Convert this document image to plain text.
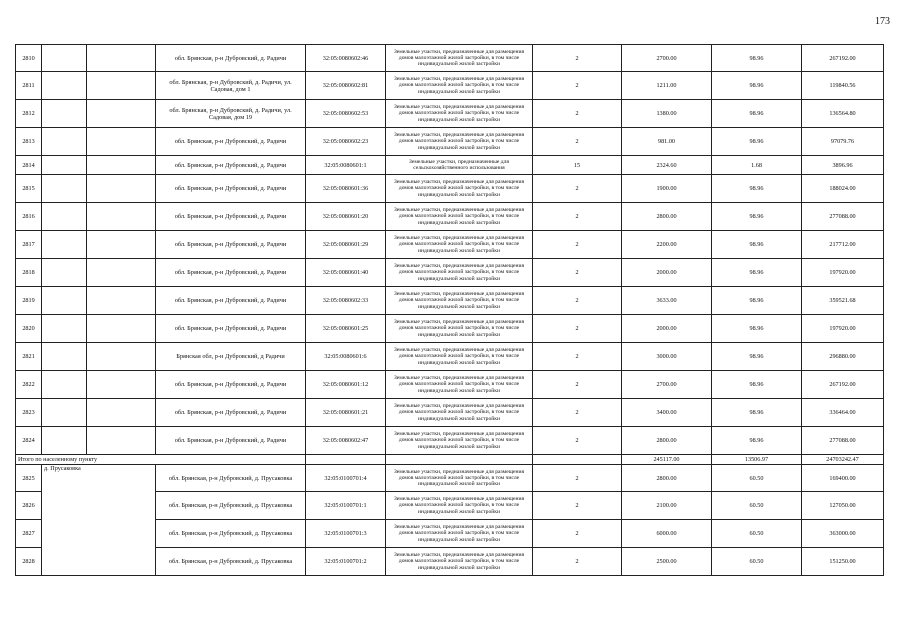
173
2810			обл. Брянская, р-н Дубровский, д. Радичи	32:05:0080602:46	Земельные участки, предназначенные для размещения домов малоэтажной жилой застройки, в том числе индивидуальной жилой застройки	2	2700.00	98.96	267192.00
2811			обл. Брянская, р-н Дубровский, д. Радичи, ул. Садовая, дом 1	32:05:0080602:81	Земельные участки, предназначенные для размещения домов малоэтажной жилой застройки, в том числе индивидуальной жилой застройки	2	1211.00	98.96	119840.56
2812			обл. Брянская, р-н Дубровский, д. Радичи, ул. Садовая, дом 19	32:05:0080602:53	Земельные участки, предназначенные для размещения домов малоэтажной жилой застройки, в том числе индивидуальной жилой застройки	2	1380.00	98.96	136564.80
2813			обл. Брянская, р-н Дубровский, д. Радичи	32:05:0080602:23	Земельные участки, предназначенные для размещения домов малоэтажной жилой застройки, в том числе индивидуальной жилой застройки	2	981.00	98.96	97079.76
2814			обл. Брянская, р-н Дубровский, д. Радичи	32:05:0080601:1	Земельные участки, предназначенные для сельскохозяйственного использования	15	2324.60	1.68	3896.96
2815			обл. Брянская, р-н Дубровский, д. Радичи	32:05:0080601:36	Земельные участки, предназначенные для размещения домов малоэтажной жилой застройки, в том числе индивидуальной жилой застройки	2	1900.00	98.96	188024.00
2816			обл. Брянская, р-н Дубровский, д. Радичи	32:05:0080601:20	Земельные участки, предназначенные для размещения домов малоэтажной жилой застройки, в том числе индивидуальной жилой застройки	2	2800.00	98.96	277088.00
2817			обл. Брянская, р-н Дубровский, д. Радичи	32:05:0080601:29	Земельные участки, предназначенные для размещения домов малоэтажной жилой застройки, в том числе индивидуальной жилой застройки	2	2200.00	98.96	217712.00
2818			обл. Брянская, р-н Дубровский, д. Радичи	32:05:0080601:40	Земельные участки, предназначенные для размещения домов малоэтажной жилой застройки, в том числе индивидуальной жилой застройки	2	2000.00	98.96	197920.00
2819			обл. Брянская, р-н Дубровский, д. Радичи	32:05:0080602:33	Земельные участки, предназначенные для размещения домов малоэтажной жилой застройки, в том числе индивидуальной жилой застройки	2	3633.00	98.96	359521.68
2820			обл. Брянская, р-н Дубровский, д. Радичи	32:05:0080601:25	Земельные участки, предназначенные для размещения домов малоэтажной жилой застройки, в том числе индивидуальной жилой застройки	2	2000.00	98.96	197920.00
2821			Брянская обл, р-н Дубровский, д Радичи	32:05:0080601:6	Земельные участки, предназначенные для размещения домов малоэтажной жилой застройки, в том числе индивидуальной жилой застройки	2	3000.00	98.96	296880.00
2822			обл. Брянская, р-н Дубровский, д. Радичи	32:05:0080601:12	Земельные участки, предназначенные для размещения домов малоэтажной жилой застройки, в том числе индивидуальной жилой застройки	2	2700.00	98.96	267192.00
2823			обл. Брянская, р-н Дубровский, д. Радичи	32:05:0080601:21	Земельные участки, предназначенные для размещения домов малоэтажной жилой застройки, в том числе индивидуальной жилой застройки	2	3400.00	98.96	336464.00
2824			обл. Брянская, р-н Дубровский, д. Радичи	32:05:0080602:47	Земельные участки, предназначенные для размещения домов малоэтажной жилой застройки, в том числе индивидуальной жилой застройки	2	2800.00	98.96	277088.00
Итого по населенному пункту							245117.00	13506.97	24703242.47
2825	д. Прусаковка		обл. Брянская, р-н Дубровский, д. Прусаковка	32:05:0100701:4	Земельные участки, предназначенные для размещения домов малоэтажной жилой застройки, в том числе индивидуальной жилой застройки	2	2800.00	60.50	169400.00
2826			обл. Брянская, р-н Дубровский, д. Прусаковка	32:05:0100701:1	Земельные участки, предназначенные для размещения домов малоэтажной жилой застройки, в том числе индивидуальной жилой застройки	2	2100.00	60.50	127050.00
2827			обл. Брянская, р-н Дубровский, д. Прусаковка	32:05:0100701:3	Земельные участки, предназначенные для размещения домов малоэтажной жилой застройки, в том числе индивидуальной жилой застройки	2	6000.00	60.50	363000.00
2828			обл. Брянская, р-н Дубровский, д. Прусаковка	32:05:0100701:2	Земельные участки, предназначенные для размещения домов малоэтажной жилой застройки, в том числе индивидуальной жилой застройки	2	2500.00	60.50	151250.00
